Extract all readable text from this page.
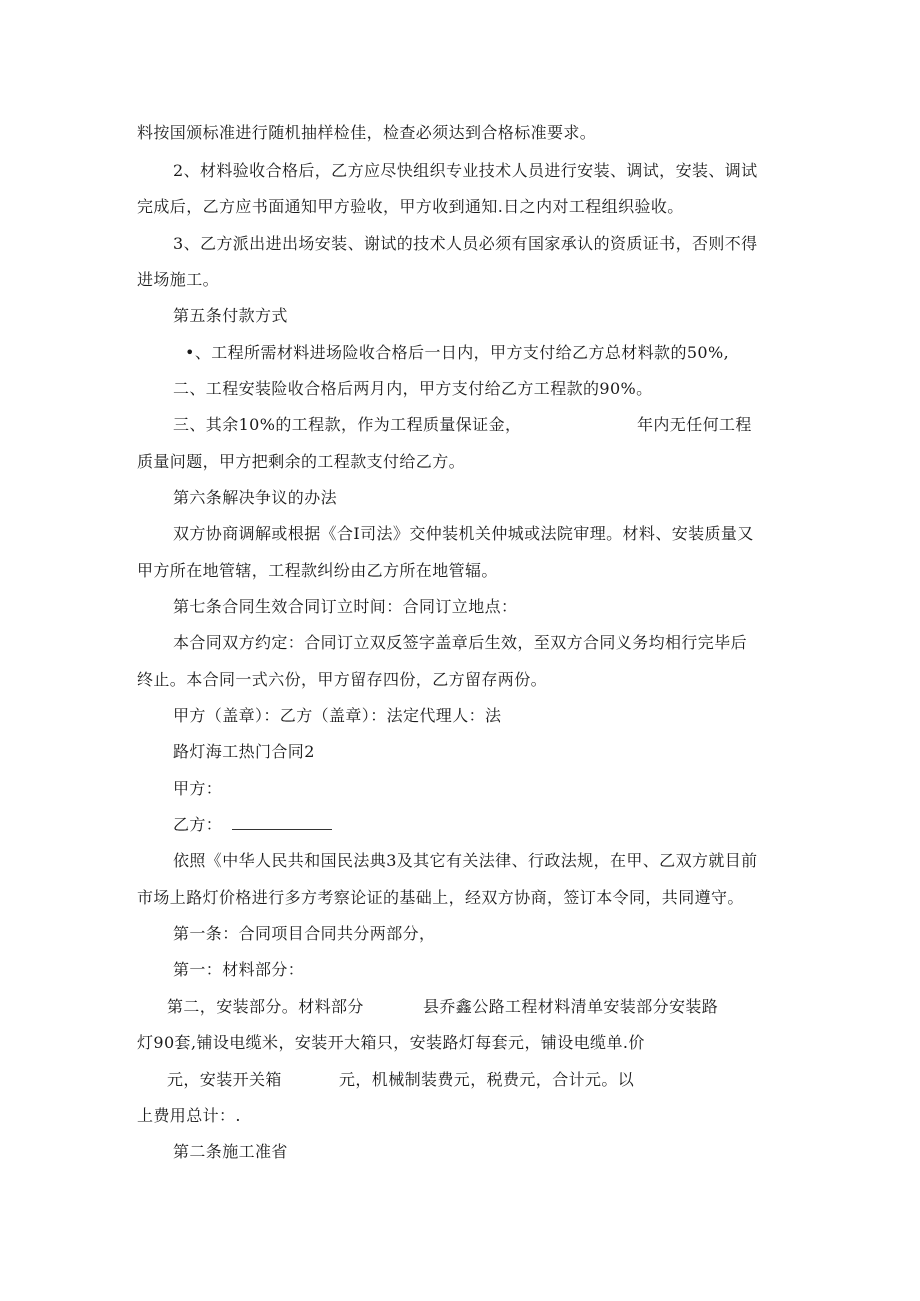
料按国颁标准进行随机抽样检佳，检查必须达到合格标准要求。
2、材料验收合格后，乙方应尽快组织专业技术人员进行安装、调试，安装、调试
完成后，乙方应书面通知甲方验收，甲方收到通知.日之内对工程组织验收。
3、乙方派出进出场安装、谢试的技术人员必须有国家承认的资质证书，否则不得
进场施工。
第五条付款方式
•、工程所需材料进场险收合格后一日内，甲方支付给乙方总材料款的50%,
二、工程安装险收合格后两月内，甲方支付给乙方工程款的90%。
三、其余10%的工程款，作为工程质量保证金，	年内无任何工程
质量问题，甲方把剩余的工程款支付给乙方。
第六条解决争议的办法
双方协商调解或根据《合I司法》交仲装机关仲城或法院审理。材料、安装质量又
甲方所在地管辖，工程款纠纷由乙方所在地管辐。
第七条合同生效合同订立时间：合同订立地点：
本合同双方约定：合同订立双反签字盖章后生效，至双方合同义务均相行完毕后
终止。本合同一式六份，甲方留存四份，乙方留存两份。
甲方（盖章）：乙方（盖章）：法定代理人：法
路灯海工热门合同2
甲方：
乙方：
依照《中华人民共和国民法典3及其它有关法律、行政法规，在甲、乙双方就目前
市场上路灯价格进行多方考察论证的基础上，经双方协商，签订本令同，共同遵守。
第一条：合同项目合同共分两部分，
第一：材料部分：
第二，安装部分。材料部分	县乔鑫公路工程材料清单安装部分安装路
灯90套,铺设电缆米，安装开大箱只，安装路灯每套元，铺设电缆单.价
元，安装开关箱	元，机械制装费元，税费元，合计元。以
上费用总计：.
第二条施工准省
